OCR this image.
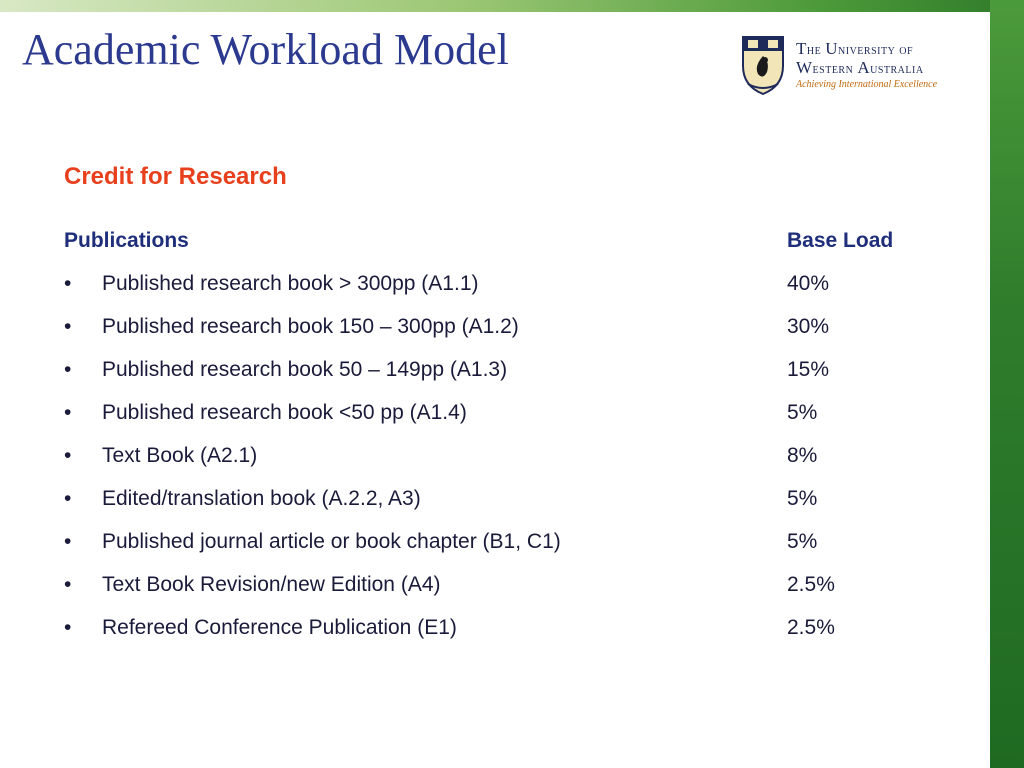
Academic Workload Model	The University of
Western Australia
Achieving International Excellence
Credit for Research
Publications	Base Load
• Published research book > 300pp (A1.1)	40%
• Published research book 150 – 300pp (A1.2)	30%
• Published research book 50 – 149pp (A1.3)	15%
• Published research book <50 pp (A1.4)	5%
• Text Book (A2.1)	8%
• Edited/translation book (A.2.2, A3)	5%
• Published journal article or book chapter (B1, C1)	5%
• Text Book Revision/new Edition (A4)	2.5%
• Refereed Conference Publication (E1)	2.5%
